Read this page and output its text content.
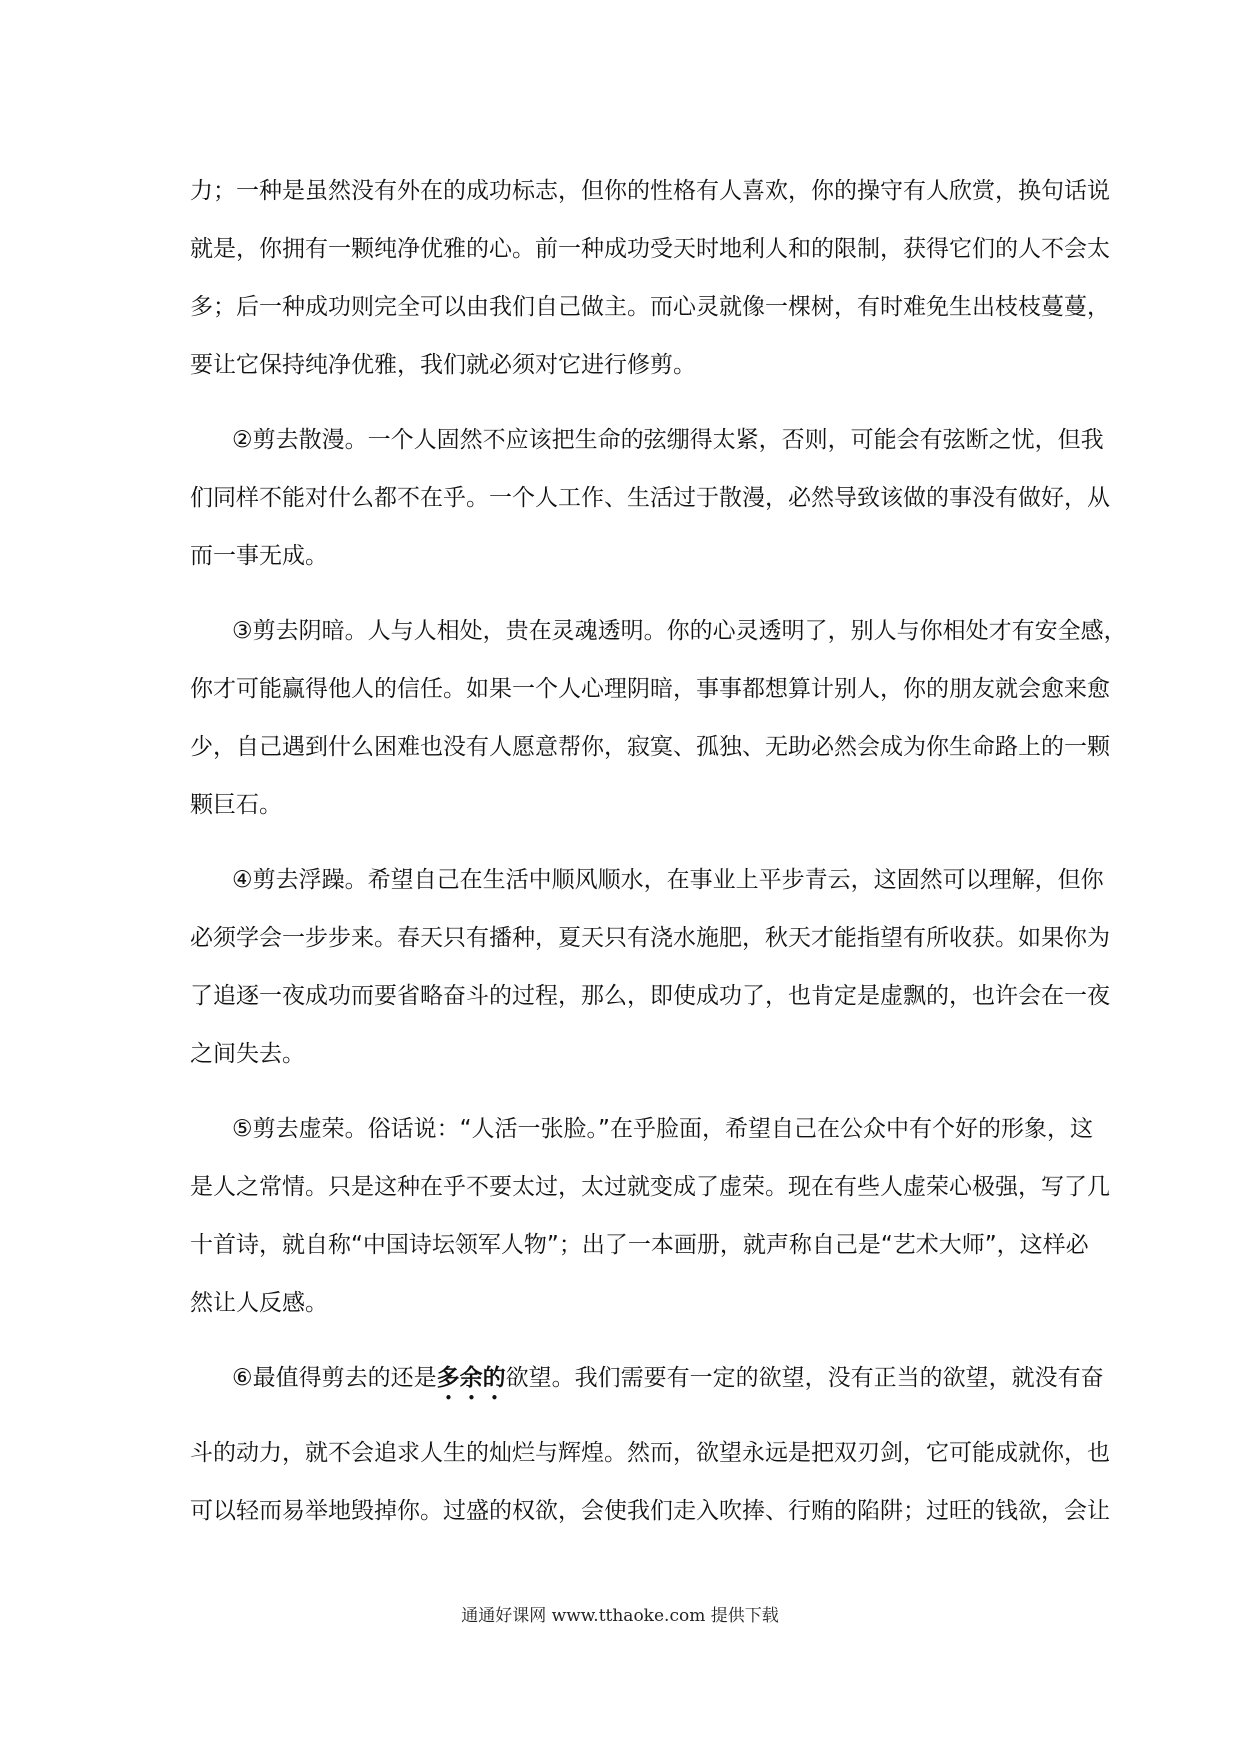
力；一种是虽然没有外在的成功标志，但你的性格有人喜欢，你的操守有人欣赏，换句话说
就是，你拥有一颗纯净优雅的心。前一种成功受天时地利人和的限制，获得它们的人不会太
多；后一种成功则完全可以由我们自己做主。而心灵就像一棵树，有时难免生出枝枝蔓蔓，
要让它保持纯净优雅，我们就必须对它进行修剪。
②剪去散漫。一个人固然不应该把生命的弦绷得太紧，否则，可能会有弦断之忧，但我
们同样不能对什么都不在乎。一个人工作、生活过于散漫，必然导致该做的事没有做好，从
而一事无成。
③剪去阴暗。人与人相处，贵在灵魂透明。你的心灵透明了，别人与你相处才有安全感，
你才可能赢得他人的信任。如果一个人心理阴暗，事事都想算计别人，你的朋友就会愈来愈
少，自己遇到什么困难也没有人愿意帮你，寂寞、孤独、无助必然会成为你生命路上的一颗
颗巨石。
④剪去浮躁。希望自己在生活中顺风顺水，在事业上平步青云，这固然可以理解，但你
必须学会一步步来。春天只有播种，夏天只有浇水施肥，秋天才能指望有所收获。如果你为
了追逐一夜成功而要省略奋斗的过程，那么，即使成功了，也肯定是虚飘的，也许会在一夜
之间失去。
⑤剪去虚荣。俗话说：“人活一张脸。”在乎脸面，希望自己在公众中有个好的形象，这
是人之常情。只是这种在乎不要太过，太过就变成了虚荣。现在有些人虚荣心极强，写了几
十首诗，就自称“中国诗坛领军人物”；出了一本画册，就声称自己是“艺术大师”，这样必
然让人反感。
⑥最值得剪去的还是多余的欲望。我们需要有一定的欲望，没有正当的欲望，就没有奋
斗的动力，就不会追求人生的灿烂与辉煌。然而，欲望永远是把双刃剑，它可能成就你，也
可以轻而易举地毁掉你。过盛的权欲，会使我们走入吹捧、行贿的陷阱；过旺的钱欲，会让
通通好课网 www.tthaoke.com 提供下载
